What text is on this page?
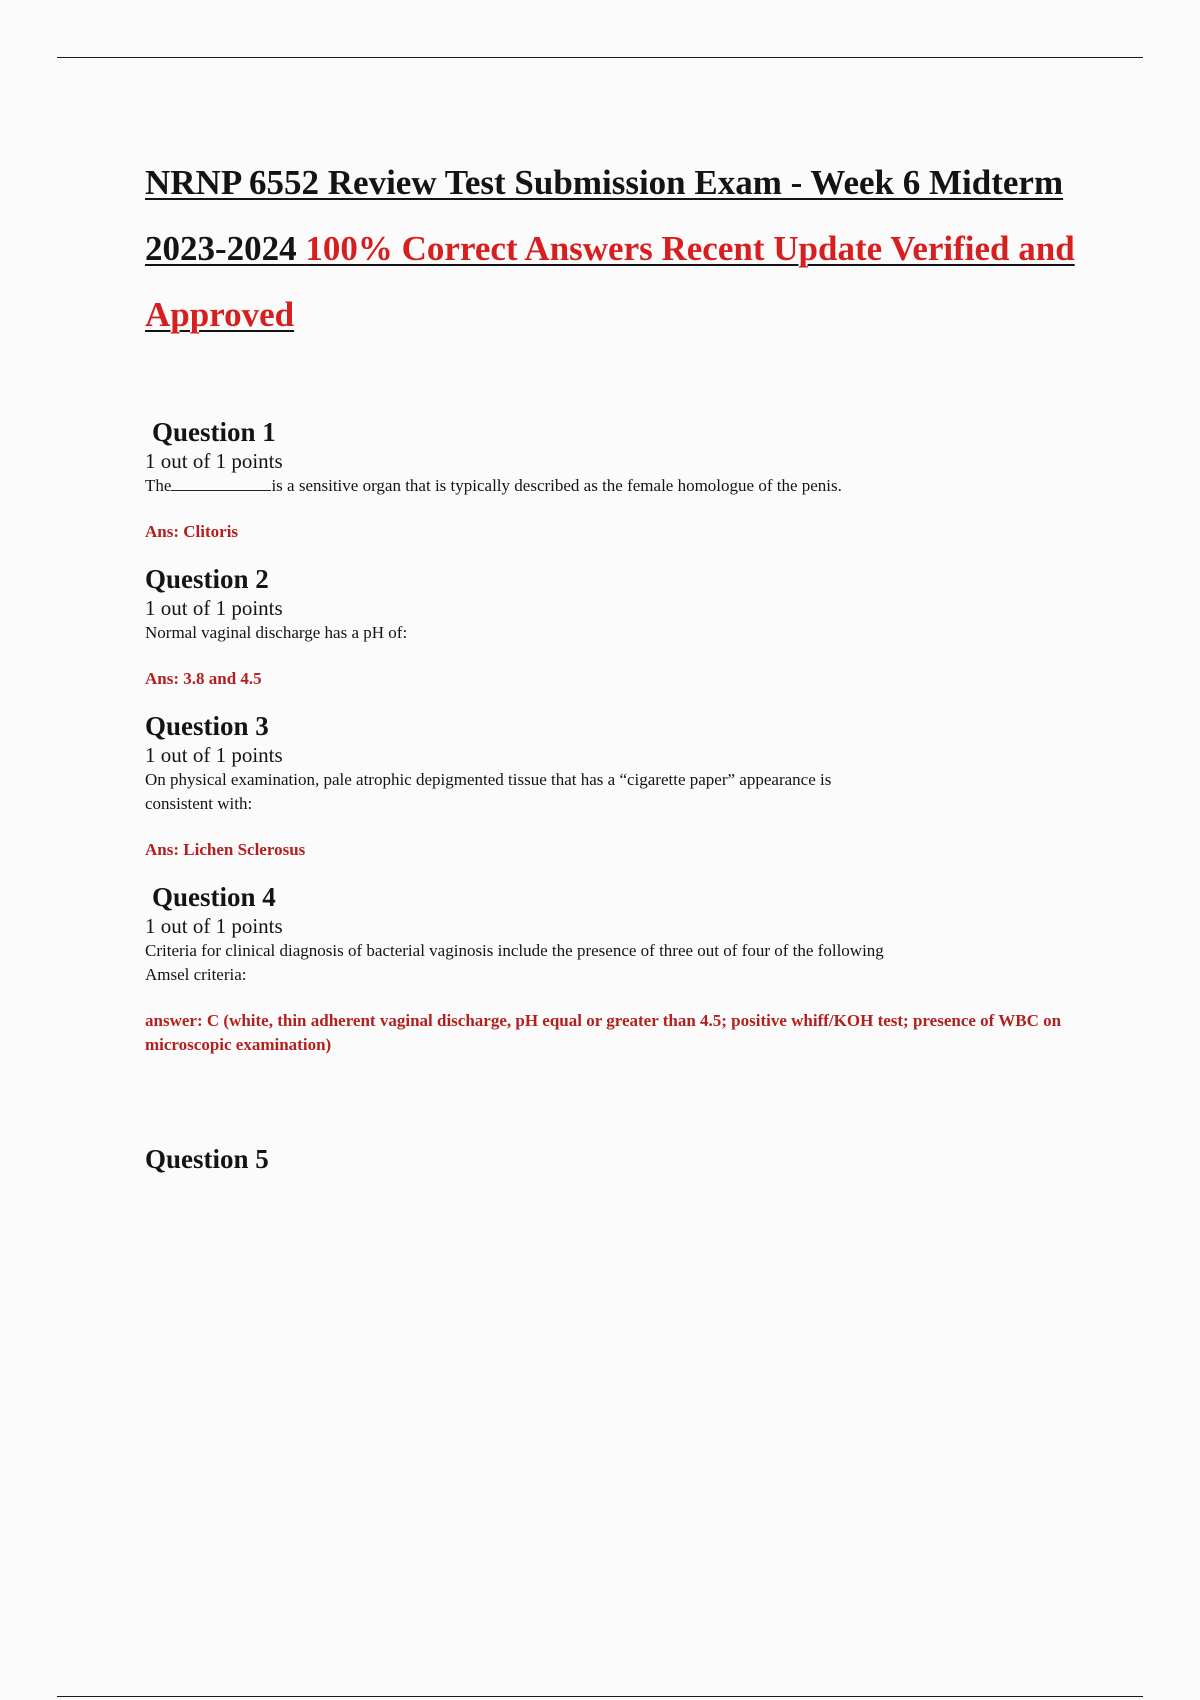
NRNP 6552 Review Test Submission Exam - Week 6 Midterm 2023-2024 100% Correct Answers Recent Update Verified and Approved

Question 1

1 out of 1 points

The	is a sensitive organ that is typically described as the female homologue of the penis.

Ans: Clitoris

Question 2

1 out of 1 points

Normal vaginal discharge has a pH of:

Ans: 3.8 and 4.5

Question 3

1 out of 1 points

On physical examination, pale atrophic depigmented tissue that has a “cigarette paper” appearance is consistent with:

Ans: Lichen Sclerosus

Question 4

1 out of 1 points

Criteria for clinical diagnosis of bacterial vaginosis include the presence of three out of four of the following Amsel criteria:

answer: C (white, thin adherent vaginal discharge, pH equal or greater than 4.5; positive whiff/KOH test; presence of WBC on microscopic examination)

Question 5
